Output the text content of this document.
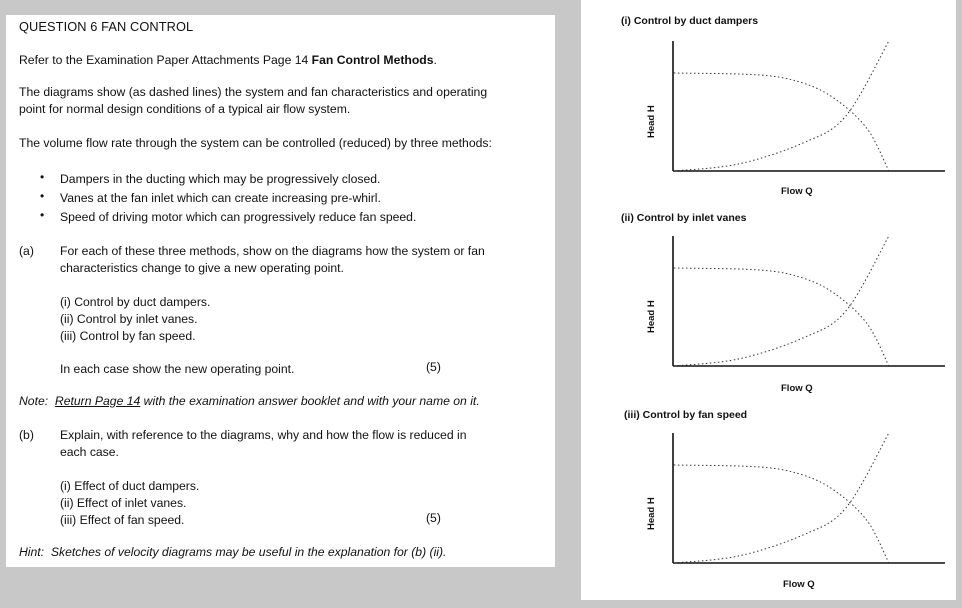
QUESTION 6 FAN CONTROL
Refer to the Examination Paper Attachments Page 14 Fan Control Methods.
The diagrams show (as dashed lines) the system and fan characteristics and operating
point for normal design conditions of a typical air flow system.
The volume flow rate through the system can be controlled (reduced) by three methods:
• Dampers in the ducting which may be progressively closed.
• Vanes at the fan inlet which can create increasing pre-whirl.
• Speed of driving motor which can progressively reduce fan speed.
(a) For each of these three methods, show on the diagrams how the system or fan
characteristics change to give a new operating point.
(i) Control by duct dampers.
(ii) Control by inlet vanes.
(iii) Control by fan speed.
In each case show the new operating point.	(5)
Note: Return Page 14 with the examination answer booklet and with your name on it.
(b) Explain, with reference to the diagrams, why and how the flow is reduced in
each case.
(i) Effect of duct dampers.
(ii) Effect of inlet vanes.
(iii) Effect of fan speed.	(5)
Hint: Sketches of velocity diagrams may be useful in the explanation for (b) (ii).
(i) Control by duct dampers
Head H
Flow Q
(ii) Control by inlet vanes
Head H
Flow Q
(iii) Control by fan speed
Head H
Flow Q
